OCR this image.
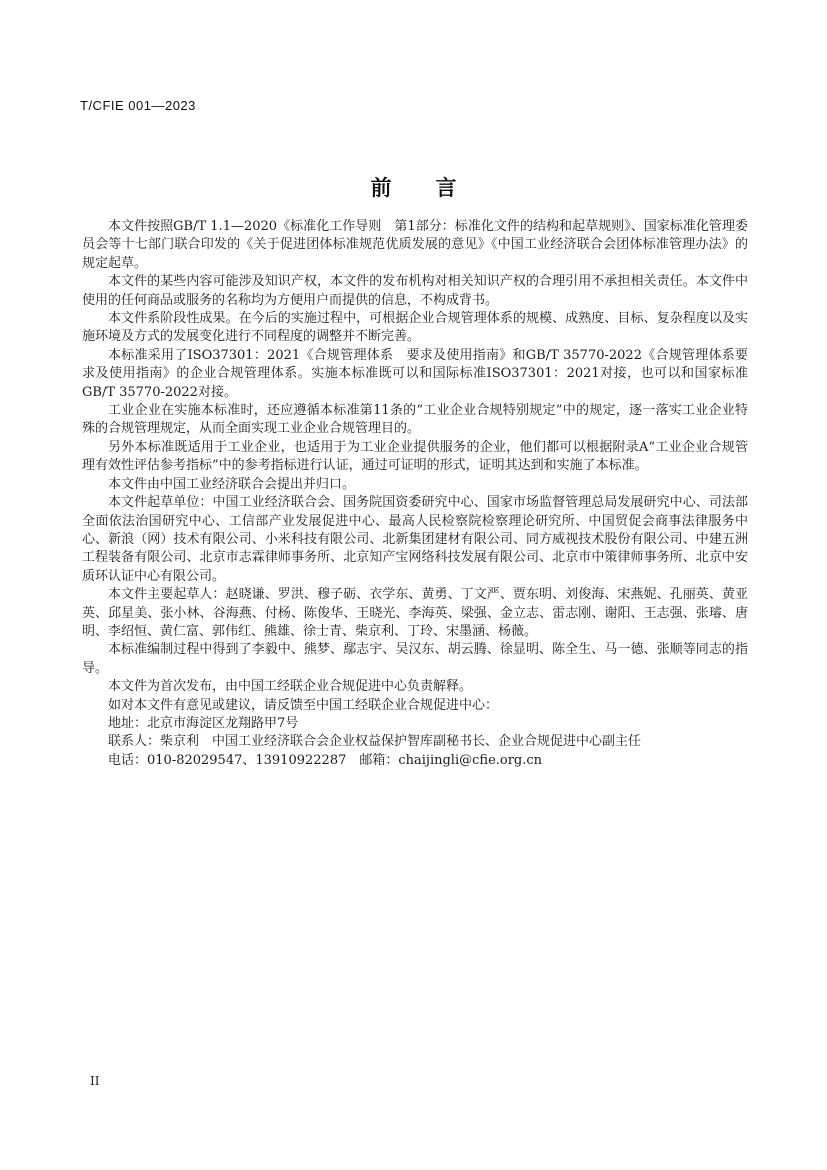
T/CFIE 001—2023
前 言

本文件按照GB/T 1.1—2020《标准化工作导则　第1部分：标准化文件的结构和起草规则》、国家标准化管理委员会等十七部门联合印发的《关于促进团体标准规范优质发展的意见》《中国工业经济联合会团体标准管理办法》的规定起草。

本文件的某些内容可能涉及知识产权，本文件的发布机构对相关知识产权的合理引用不承担相关责任。本文件中使用的任何商品或服务的名称均为方便用户而提供的信息，不构成背书。

本文件系阶段性成果。在今后的实施过程中，可根据企业合规管理体系的规模、成熟度、目标、复杂程度以及实施环境及方式的发展变化进行不同程度的调整并不断完善。

本标准采用了ISO37301：2021《合规管理体系　要求及使用指南》和GB/T 35770-2022《合规管理体系要求及使用指南》的企业合规管理体系。实施本标准既可以和国际标准ISO37301：2021对接，也可以和国家标准GB/T 35770-2022对接。

工业企业在实施本标准时，还应遵循本标准第11条的“工业企业合规特别规定”中的规定，逐一落实工业企业特殊的合规管理规定，从而全面实现工业企业合规管理目的。

另外本标准既适用于工业企业，也适用于为工业企业提供服务的企业，他们都可以根据附录A“工业企业合规管理有效性评估参考指标”中的参考指标进行认证，通过可证明的形式，证明其达到和实施了本标准。

本文件由中国工业经济联合会提出并归口。

本文件起草单位：中国工业经济联合会、国务院国资委研究中心、国家市场监督管理总局发展研究中心、司法部全面依法治国研究中心、工信部产业发展促进中心、最高人民检察院检察理论研究所、中国贸促会商事法律服务中心、新浪（网）技术有限公司、小米科技有限公司、北新集团建材有限公司、同方威视技术股份有限公司、中建五洲工程装备有限公司、北京市志霖律师事务所、北京知产宝网络科技发展有限公司、北京市中策律师事务所、北京中安质环认证中心有限公司。

本文件主要起草人：赵晓谦、罗洪、穆子砺、衣学东、黄勇、丁文严、贾东明、刘俊海、宋燕妮、孔丽英、黄亚英、邱星美、张小林、谷海燕、付杨、陈俊华、王晓光、李海英、梁强、金立志、雷志刚、谢阳、王志强、张璿、唐明、李绍恒、黄仁富、郭伟红、熊雄、徐士青、柴京利、丁玲、宋墨涵、杨薇。

本标准编制过程中得到了李毅中、熊梦、鄢志宇、吴汉东、胡云腾、徐显明、陈全生、马一德、张顺等同志的指导。

本文件为首次发布，由中国工经联企业合规促进中心负责解释。

如对本文件有意见或建议，请反馈至中国工经联企业合规促进中心：

地址：北京市海淀区龙翔路甲7号

联系人：柴京利　中国工业经济联合会企业权益保护智库副秘书长、企业合规促进中心副主任

电话：010-82029547、13910922287　邮箱：chaijingli@cfie.org.cn

II
